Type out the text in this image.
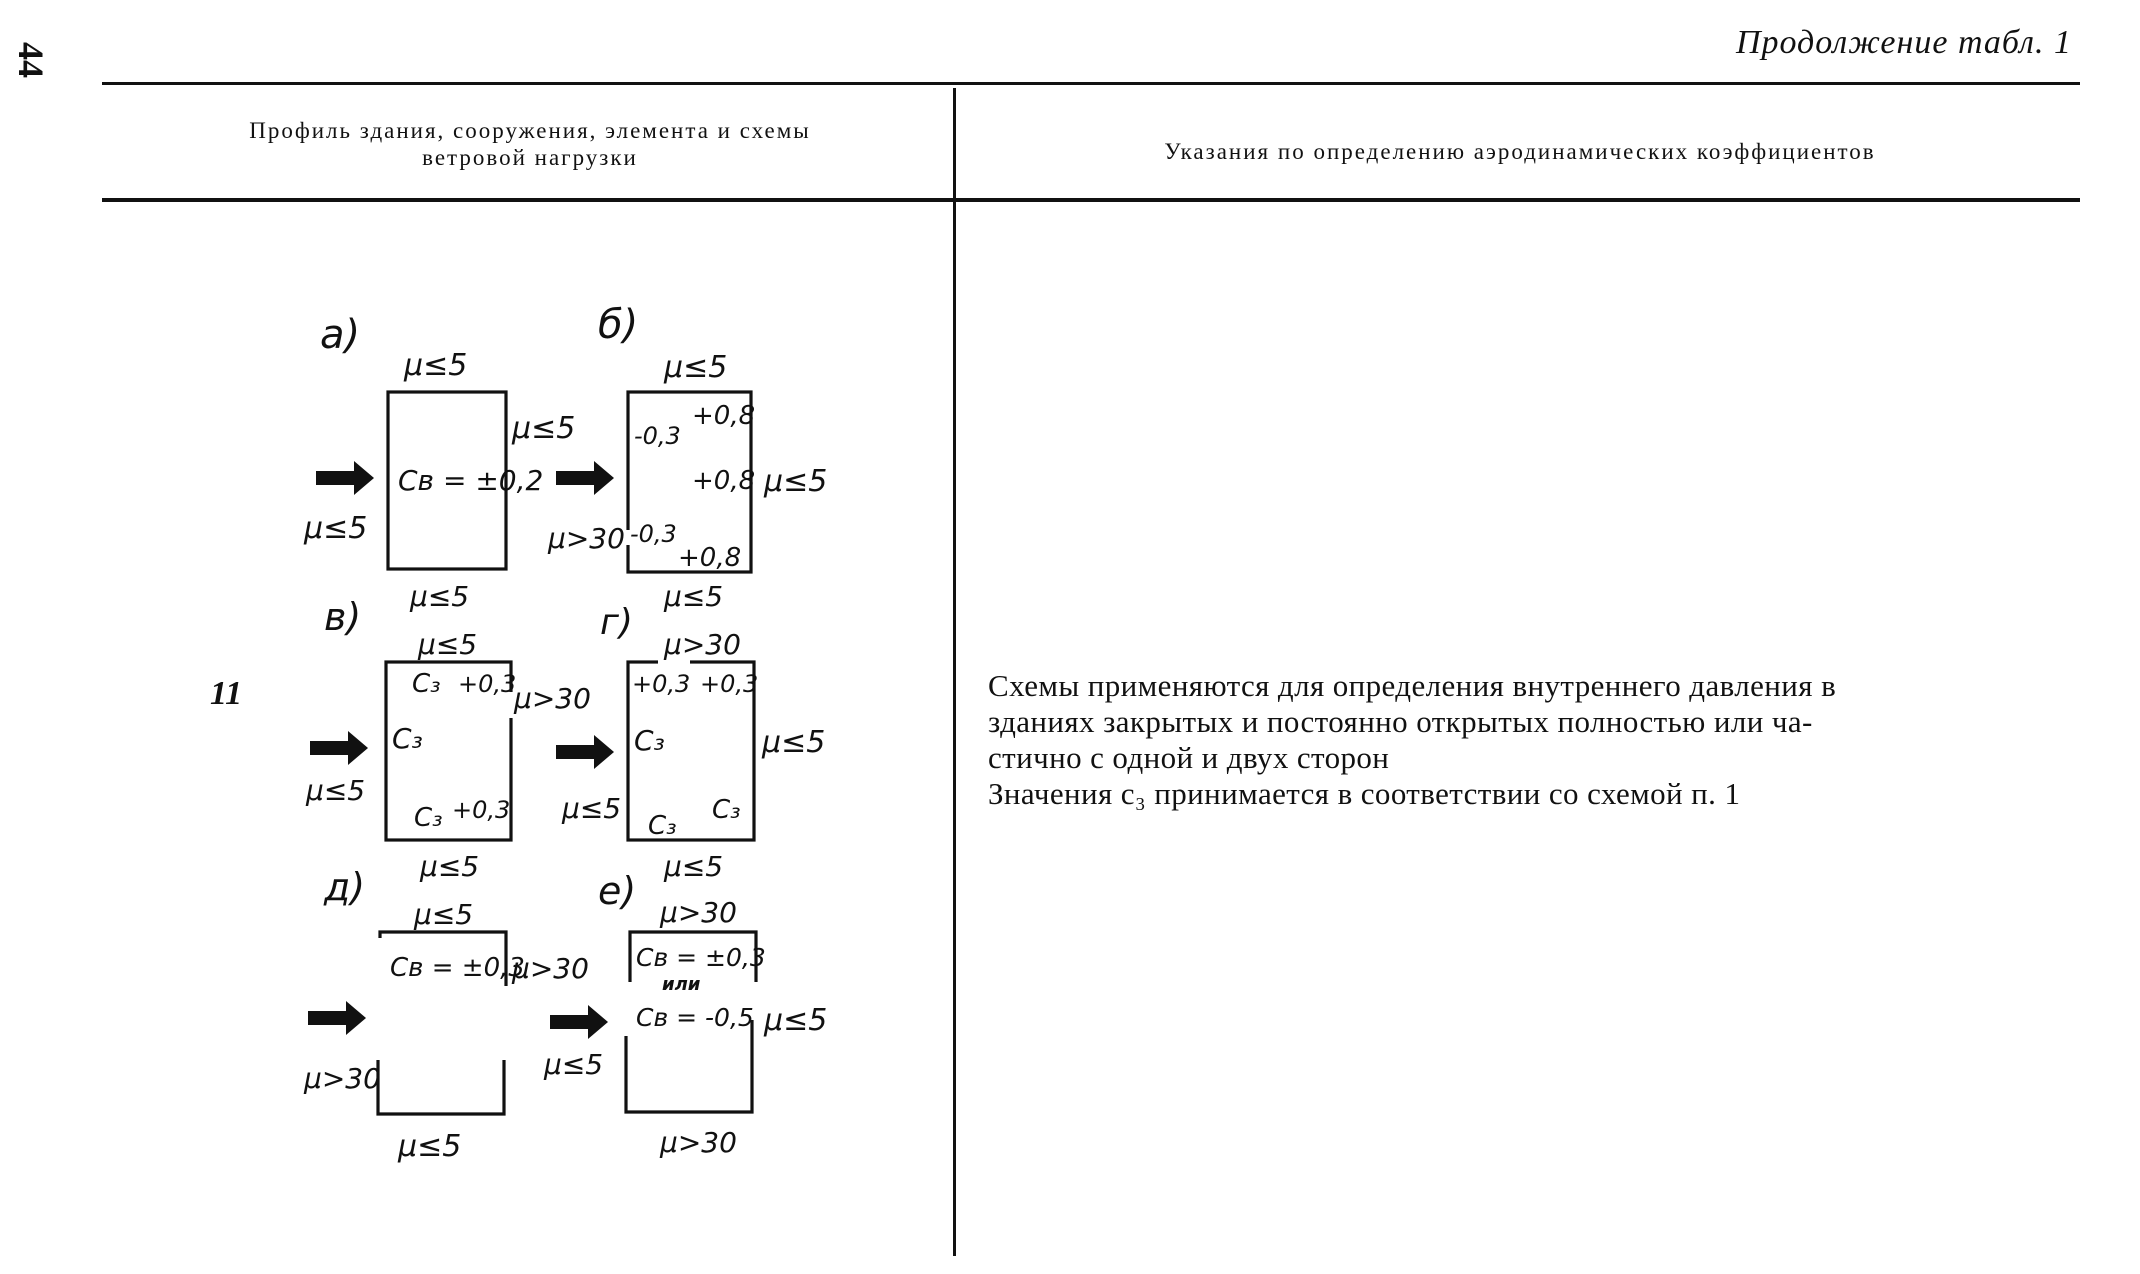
44	Продолжение табл. 1
Профиль здания, сооружения, элемента и схемы
ветровой нагрузки	Указания по определению аэродинамических коэффициентов
11	Схемы применяются для определения внутреннего давления в

зданиях закрытых и постоянно открытых полностью или ча-

стично с одной и двух сторон

Значения c₃ принимается в соответствии со схемой п. 1

а)
μ≤5
μ≤5
μ≤5
μ≤5
Cв = ±0,2
б)
μ≤5
μ≤5
μ>30
μ≤5
-0,3
+0,8
+0,8
-0,3
+0,8
в)
μ≤5
μ>30
μ≤5
μ≤5
C₃ +0,3
C₃
C₃ +0,3
г)
μ>30
μ≤5
μ≤5
μ≤5
+0,3 +0,3
C₃
C₃
C₃
д)
μ≤5
μ>30
μ>30
μ≤5
Cв = ±0,3
е) μ>30
μ≤5
μ≤5
μ>30
Cв = ±0,3
или
Cв = -0,5
